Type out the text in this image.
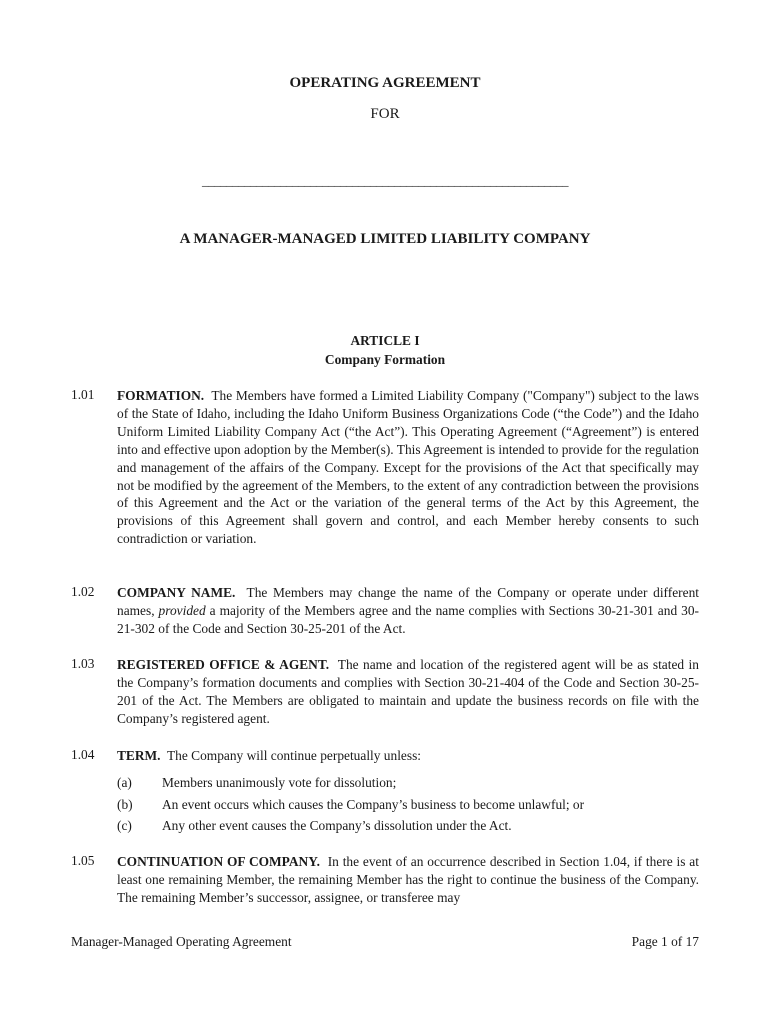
OPERATING AGREEMENT
FOR
_____________________________________________________________
A MANAGER-MANAGED LIMITED LIABILITY COMPANY
ARTICLE I
Company Formation
1.01 FORMATION. The Members have formed a Limited Liability Company ("Company") subject to the laws of the State of Idaho, including the Idaho Uniform Business Organizations Code (“the Code”) and the Idaho Uniform Limited Liability Company Act (“the Act”). This Operating Agreement (“Agreement”) is entered into and effective upon adoption by the Member(s). This Agreement is intended to provide for the regulation and management of the affairs of the Company. Except for the provisions of the Act that specifically may not be modified by the agreement of the Members, to the extent of any contradiction between the provisions of this Agreement and the Act or the variation of the general terms of the Act by this Agreement, the provisions of this Agreement shall govern and control, and each Member hereby consents to such contradiction or variation.
1.02 COMPANY NAME. The Members may change the name of the Company or operate under different names, provided a majority of the Members agree and the name complies with Sections 30-21-301 and 30-21-302 of the Code and Section 30-25-201 of the Act.
1.03 REGISTERED OFFICE & AGENT. The name and location of the registered agent will be as stated in the Company’s formation documents and complies with Section 30-21-404 of the Code and Section 30-25-201 of the Act. The Members are obligated to maintain and update the business records on file with the Company’s registered agent.
1.04 TERM. The Company will continue perpetually unless:
(a) Members unanimously vote for dissolution;
(b) An event occurs which causes the Company’s business to become unlawful; or
(c) Any other event causes the Company’s dissolution under the Act.
1.05 CONTINUATION OF COMPANY. In the event of an occurrence described in Section 1.04, if there is at least one remaining Member, the remaining Member has the right to continue the business of the Company. The remaining Member’s successor, assignee, or transferee may
Manager-Managed Operating Agreement	Page 1 of 17
